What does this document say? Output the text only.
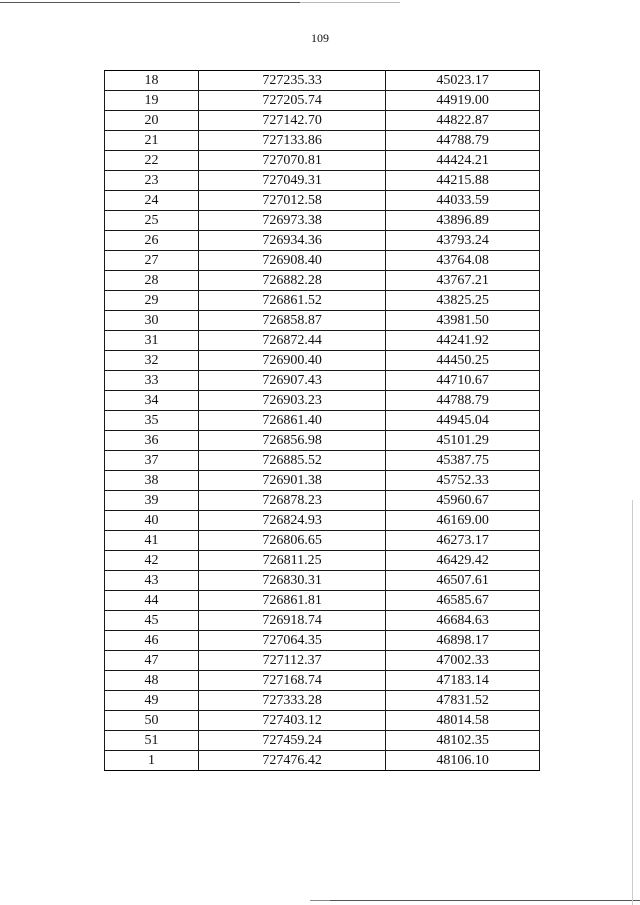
109
18	727235.33	45023.17
19	727205.74	44919.00
20	727142.70	44822.87
21	727133.86	44788.79
22	727070.81	44424.21
23	727049.31	44215.88
24	727012.58	44033.59
25	726973.38	43896.89
26	726934.36	43793.24
27	726908.40	43764.08
28	726882.28	43767.21
29	726861.52	43825.25
30	726858.87	43981.50
31	726872.44	44241.92
32	726900.40	44450.25
33	726907.43	44710.67
34	726903.23	44788.79
35	726861.40	44945.04
36	726856.98	45101.29
37	726885.52	45387.75
38	726901.38	45752.33
39	726878.23	45960.67
40	726824.93	46169.00
41	726806.65	46273.17
42	726811.25	46429.42
43	726830.31	46507.61
44	726861.81	46585.67
45	726918.74	46684.63
46	727064.35	46898.17
47	727112.37	47002.33
48	727168.74	47183.14
49	727333.28	47831.52
50	727403.12	48014.58
51	727459.24	48102.35
1	727476.42	48106.10
